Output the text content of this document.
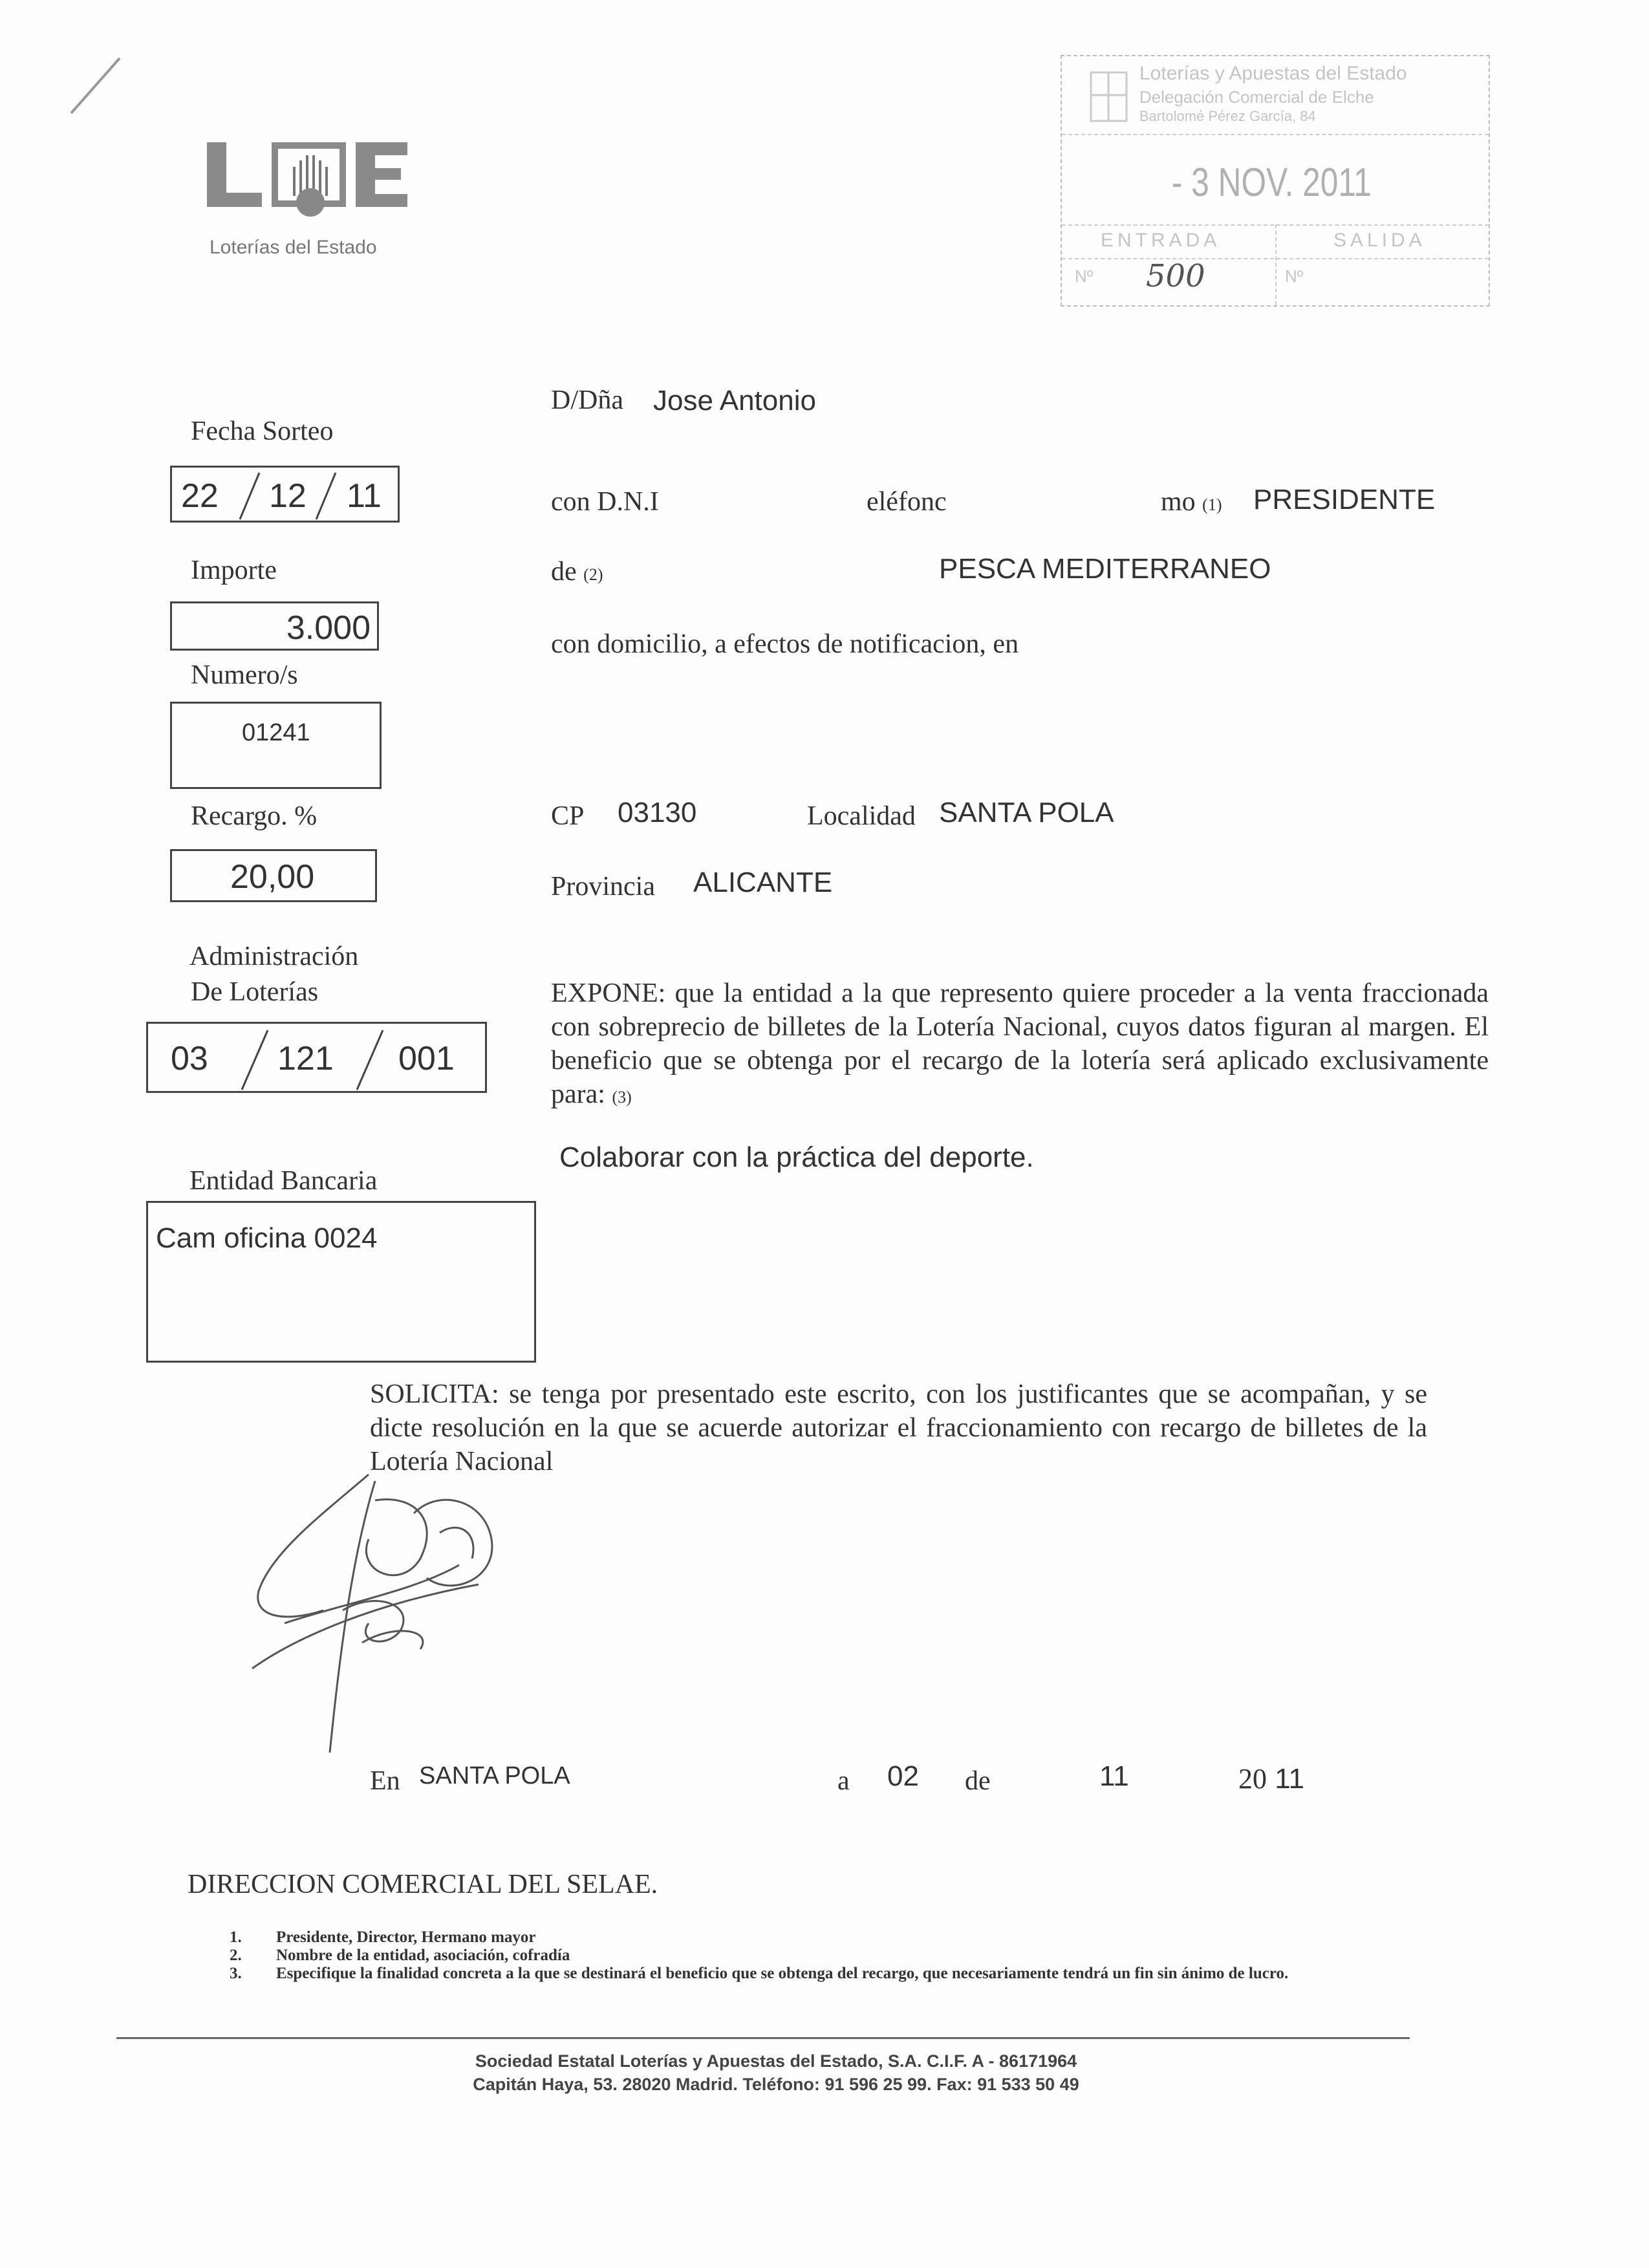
Loterías del Estado
Loterías y Apuestas del Estado
Delegación Comercial de Elche
Bartolomé Pérez García, 84
- 3 NOV. 2011
ENTRADA	SALIDA
Nº 500	Nº
Fecha Sorteo
22 12 11
Importe
3.000
Numero/s
01241
Recargo. %
20,00
Administración
De Loterías
03 121 001
Entidad Bancaria
Cam oficina 0024
D/Dña Jose Antonio
con D.N.I	eléfonc	mo (1) PRESIDENTE
de (2)	PESCA MEDITERRANEO
con domicilio, a efectos de notificacion, en
CP 03130	Localidad SANTA POLA
Provincia ALICANTE
EXPONE: que la entidad a la que represento quiere proceder a la venta fraccionada con sobreprecio de billetes de la Lotería Nacional, cuyos datos figuran al margen. El beneficio que se obtenga por el recargo de la lotería será aplicado exclusivamente para: (3)
Colaborar con la práctica del deporte.
SOLICITA: se tenga por presentado este escrito, con los justificantes que se acompañan, y se dicte resolución en la que se acuerde autorizar el fraccionamiento con recargo de billetes de la Lotería Nacional
En SANTA POLA	a 02 de	11	20 11
DIRECCION COMERCIAL DEL SELAE.
1.	Presidente, Director, Hermano mayor
2.	Nombre de la entidad, asociación, cofradía
3.	Especifique la finalidad concreta a la que se destinará el beneficio que se obtenga del recargo, que necesariamente tendrá un fin sin ánimo de lucro.
Sociedad Estatal Loterías y Apuestas del Estado, S.A. C.I.F. A - 86171964
Capitán Haya, 53. 28020 Madrid. Teléfono: 91 596 25 99. Fax: 91 533 50 49
